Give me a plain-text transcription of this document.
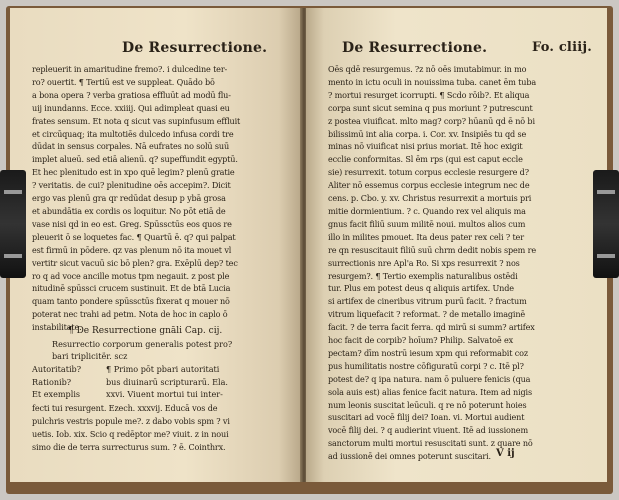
De Resurrectione.
repleuerit in amaritudine fremo?. i dulcedine ter-
ro? ouertit. ¶ Tertiū est ve suppleat. Quādo bō
a bona opera ? verba gratiosa effluūt ad modū flu-
uij inundanns. Ecce. xxiiij. Qui adimpleat quasi eu
frates sensum. Et nota q sicut vas supinfusum effluit
et circūquaq; ita multotiēs dulcedo infusa cordi tre
dūdat in sensus corpales. Nā eufrates no solū suū
implet alueū. sed etiā alienū. q? supeffundit egyptū.
Et hec plenitudo est in xpo quē legim? plenū gratie
? veritatis. de cui? plenitudine oēs accepim?. Dicit
ergo vas plenū gra qr redūdat desup p ybā grosa
et abundātia ex cordis os loquitur. No pōt etiā de
vase nisi qd in eo est. Greg. Spūssctūs eos quos re
pleuerit ō se loquetes fac. ¶ Quartū ē. q? qui palpat
est firmū in pōdere. qz vas plenum nō ita mouet vl
vertitr sicut vacuū sic bō plen? gra. Exēplū dep? tec
ro q ad voce ancille motus tpm negauit. z post ple
nitudinē spūssci crucem sustinuit. Et de btā Lucia
quam tanto pondere spūssctūs fixerat q mouer nō
poterat nec trahi ad petm. Nota de hoc in caplo ō
instabilitate.
¶ De Resurrectione gnāli Cap. cij.
Resurrectio corporum generalis potest pro?
bari triplicitër. scz
Autoritatib?	¶ Primo pōt pbari autoritati
Rationib?	bus diuinarū scripturarū. Ela.
Et exemplis	xxvi. Viuent mortui tui inter-
fecti tui resurgent. Ezech. xxxvij. Educā vos de
pulchris vestris popule me?. z dabo vobis spm ? vi
uetis. Iob. xix. Scio q redēptor me? viuit. z in noui
simo die de terra surrecturus sum. ? ē. Cointhrx.
De Resurrectione.	Fo. cliij.
Oēs qdē resurgemus. ?z nō oēs imutabimur. in mo
mento in ictu oculi in nouissima tuba. canet ēm tuba
? mortui resurget icorrupti. ¶ Scdo rōib?. Et aliqua
corpa sunt sicut semina q pus moriunt ? putrescunt
z postea viuificat. mlto mag? corp? hūanū qd ē nō bi
bilissimū int alia corpa. i. Cor. xv. Insipiēs tu qd se
minas nō viuificat nisi prius moriat. Itē hoc exigit
ecclie conformitas. Sl ēm rps (qui est caput eccle
sie) resurrexit. totum corpus ecclesie resurgere d?
Aliter nō essemus corpus ecclesie integrum nec de
cens. p. Cbo. y. xv. Christus resurrexit a mortuis pri
mitie dormientium. ? c. Quando rex vel aliquis ma
gnus facit filiū suum militē noui. multos alios cum
illo in milites pmouet. Ita deus pater rex celi ? ter
re qn resuscitauit filiū suū chrm dedit nobis spem re
surrectionis nre Apl'a Ro. Si xps resurrexit ? nos
resurgem?. ¶ Tertio exemplis naturalibus ostēdi
tur. Plus em potest deus q aliquis artifex. Unde
si artifex de cineribus vitrum purū facit. ? fractum
vitrum liquefacit ? reformat. ? de metallo imaginē
facit. ? de terra facit ferra. qd mirū si summ? artifex
hoc facit de corpib? hoīum? Philip. Salvatoē ex
pectam? dīm nostrū iesum xpm qui reformabit coz
pus humilitatis nostre cōfiguratū corpi ? c. Itē pl?
potest de? q ipa natura. nam ō puluere fenicis (qua
sola auis est) alias fenice facit natura. Item ad nigis
num leonis suscitat leūculi. q re nō poterunt hoies
suscitari ad vocē filij dei? Ioan. vi. Mortui audient
vocē filij dei. ? q audierint viuent. Itē ad iussionem
sanctorum multi mortui resuscitati sunt. z quare nō
ad iussionē dei omnes poterunt suscitari. V ij
